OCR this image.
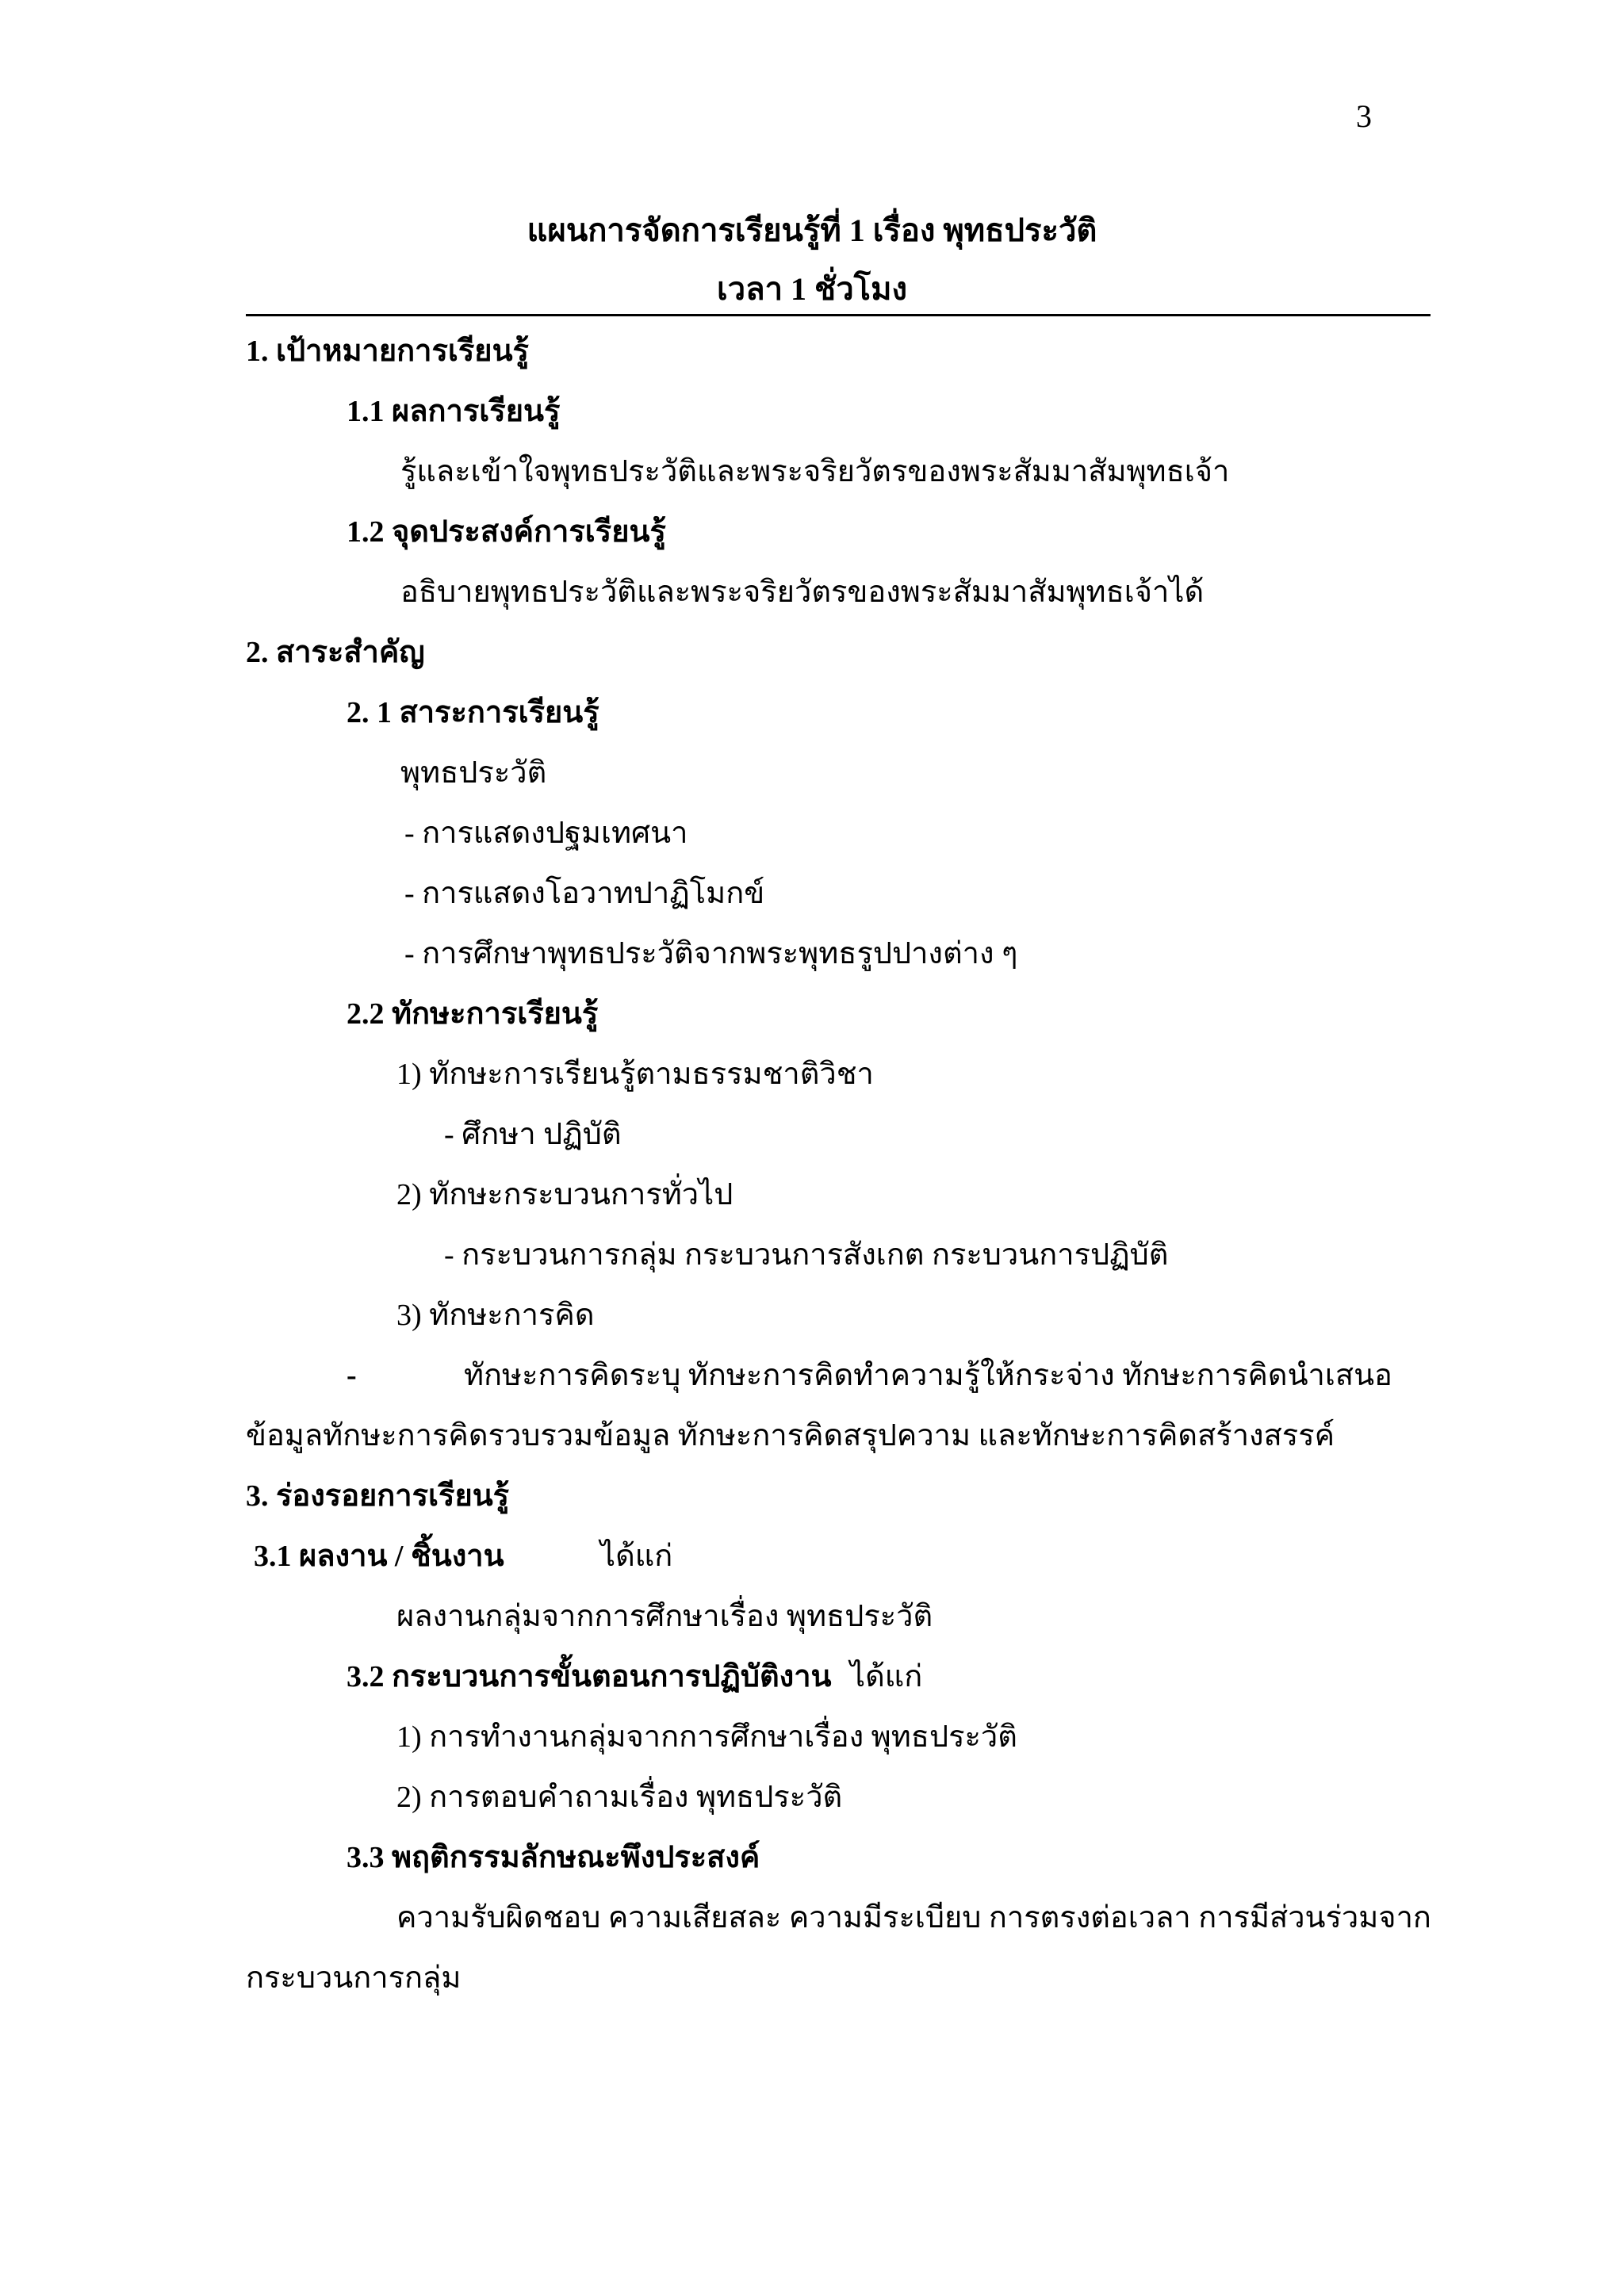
3
แผนการจัดการเรียนรู้ที่ 1 เรื่อง พุทธประวัติ
เวลา 1 ชั่วโมง
1. เป้าหมายการเรียนรู้
1.1 ผลการเรียนรู้
รู้และเข้าใจพุทธประวัติและพระจริยวัตรของพระสัมมาสัมพุทธเจ้า
1.2 จุดประสงค์การเรียนรู้
อธิบายพุทธประวัติและพระจริยวัตรของพระสัมมาสัมพุทธเจ้าได้
2. สาระสำคัญ
2. 1 สาระการเรียนรู้
พุทธประวัติ
- การแสดงปฐมเทศนา
- การแสดงโอวาทปาฏิโมกข์
- การศึกษาพุทธประวัติจากพระพุทธรูปปางต่าง ๆ
2.2 ทักษะการเรียนรู้
1) ทักษะการเรียนรู้ตามธรรมชาติวิชา
- ศึกษา ปฏิบัติ
2) ทักษะกระบวนการทั่วไป
- กระบวนการกลุ่ม กระบวนการสังเกต กระบวนการปฏิบัติ
3) ทักษะการคิด
-	ทักษะการคิดระบุ ทักษะการคิดทำความรู้ให้กระจ่าง ทักษะการคิดนำเสนอ
ข้อมูลทักษะการคิดรวบรวมข้อมูล ทักษะการคิดสรุปความ และทักษะการคิดสร้างสรรค์
3. ร่องรอยการเรียนรู้
3.1 ผลงาน / ชิ้นงาน	ได้แก่
ผลงานกลุ่มจากการศึกษาเรื่อง พุทธประวัติ
3.2 กระบวนการขั้นตอนการปฏิบัติงาน ได้แก่
1) การทำงานกลุ่มจากการศึกษาเรื่อง พุทธประวัติ
2) การตอบคำถามเรื่อง พุทธประวัติ
3.3 พฤติกรรมลักษณะพึงประสงค์
ความรับผิดชอบ ความเสียสละ ความมีระเบียบ การตรงต่อเวลา การมีส่วนร่วมจาก
กระบวนการกลุ่ม
